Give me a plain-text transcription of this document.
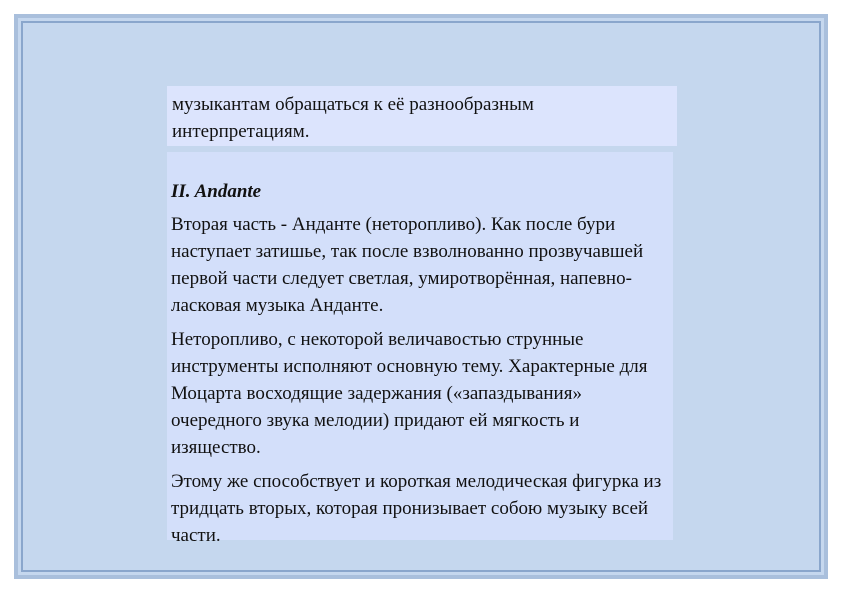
музыкантам обращаться к её разнообразным интерпретациям.
II. Andante

Вторая часть - Анданте (неторопливо). Как после бури наступает затишье, так после взволнованно прозвучавшей первой части следует светлая, умиротворённая, напевно-ласковая музыка Анданте.

Неторопливо, с некоторой величавостью струнные инструменты исполняют основную тему. Характерные для Моцарта восходящие задержания («запаздывания» очередного звука мелодии) придают ей мягкость и изящество.

Этому же способствует и короткая мелодическая фигурка из тридцать вторых, которая пронизывает собою музыку всей части.
